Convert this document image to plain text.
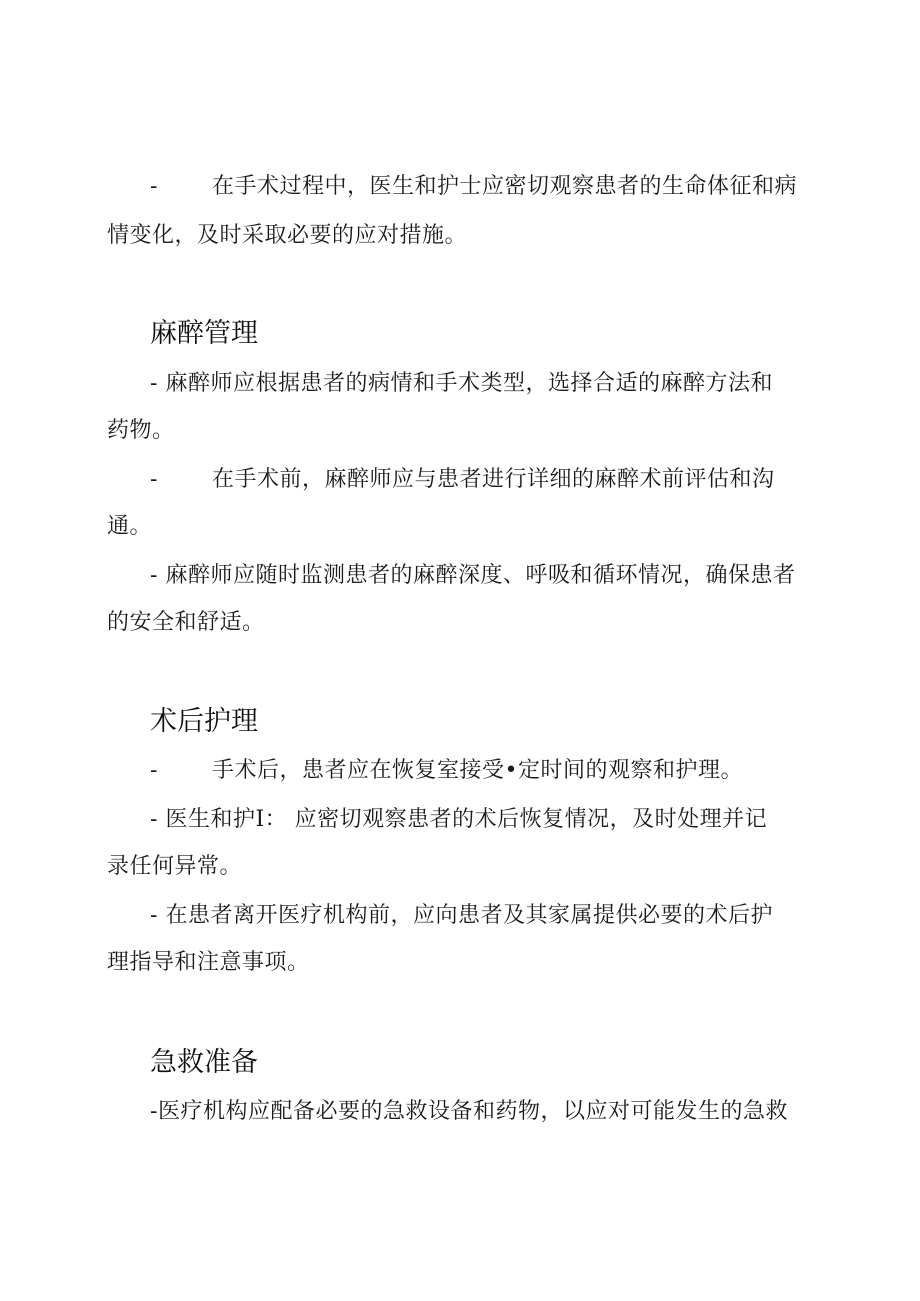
- 在手术过程中，医生和护士应密切观察患者的生命体征和病
情变化，及时采取必要的应对措施。
麻醉管理
- 麻醉师应根据患者的病情和手术类型，选择合适的麻醉方法和
药物。
- 在手术前，麻醉师应与患者进行详细的麻醉术前评估和沟
通。
- 麻醉师应随时监测患者的麻醉深度、呼吸和循环情况，确保患者
的安全和舒适。
术后护理
- 手术后，患者应在恢复室接受•定时间的观察和护理。
- 医生和护I： 应密切观察患者的术后恢复情况，及时处理并记
录任何异常。
- 在患者离开医疗机构前，应向患者及其家属提供必要的术后护
理指导和注意事项。
急救准备
-医疗机构应配备必要的急救设备和药物，以应对可能发生的急救
